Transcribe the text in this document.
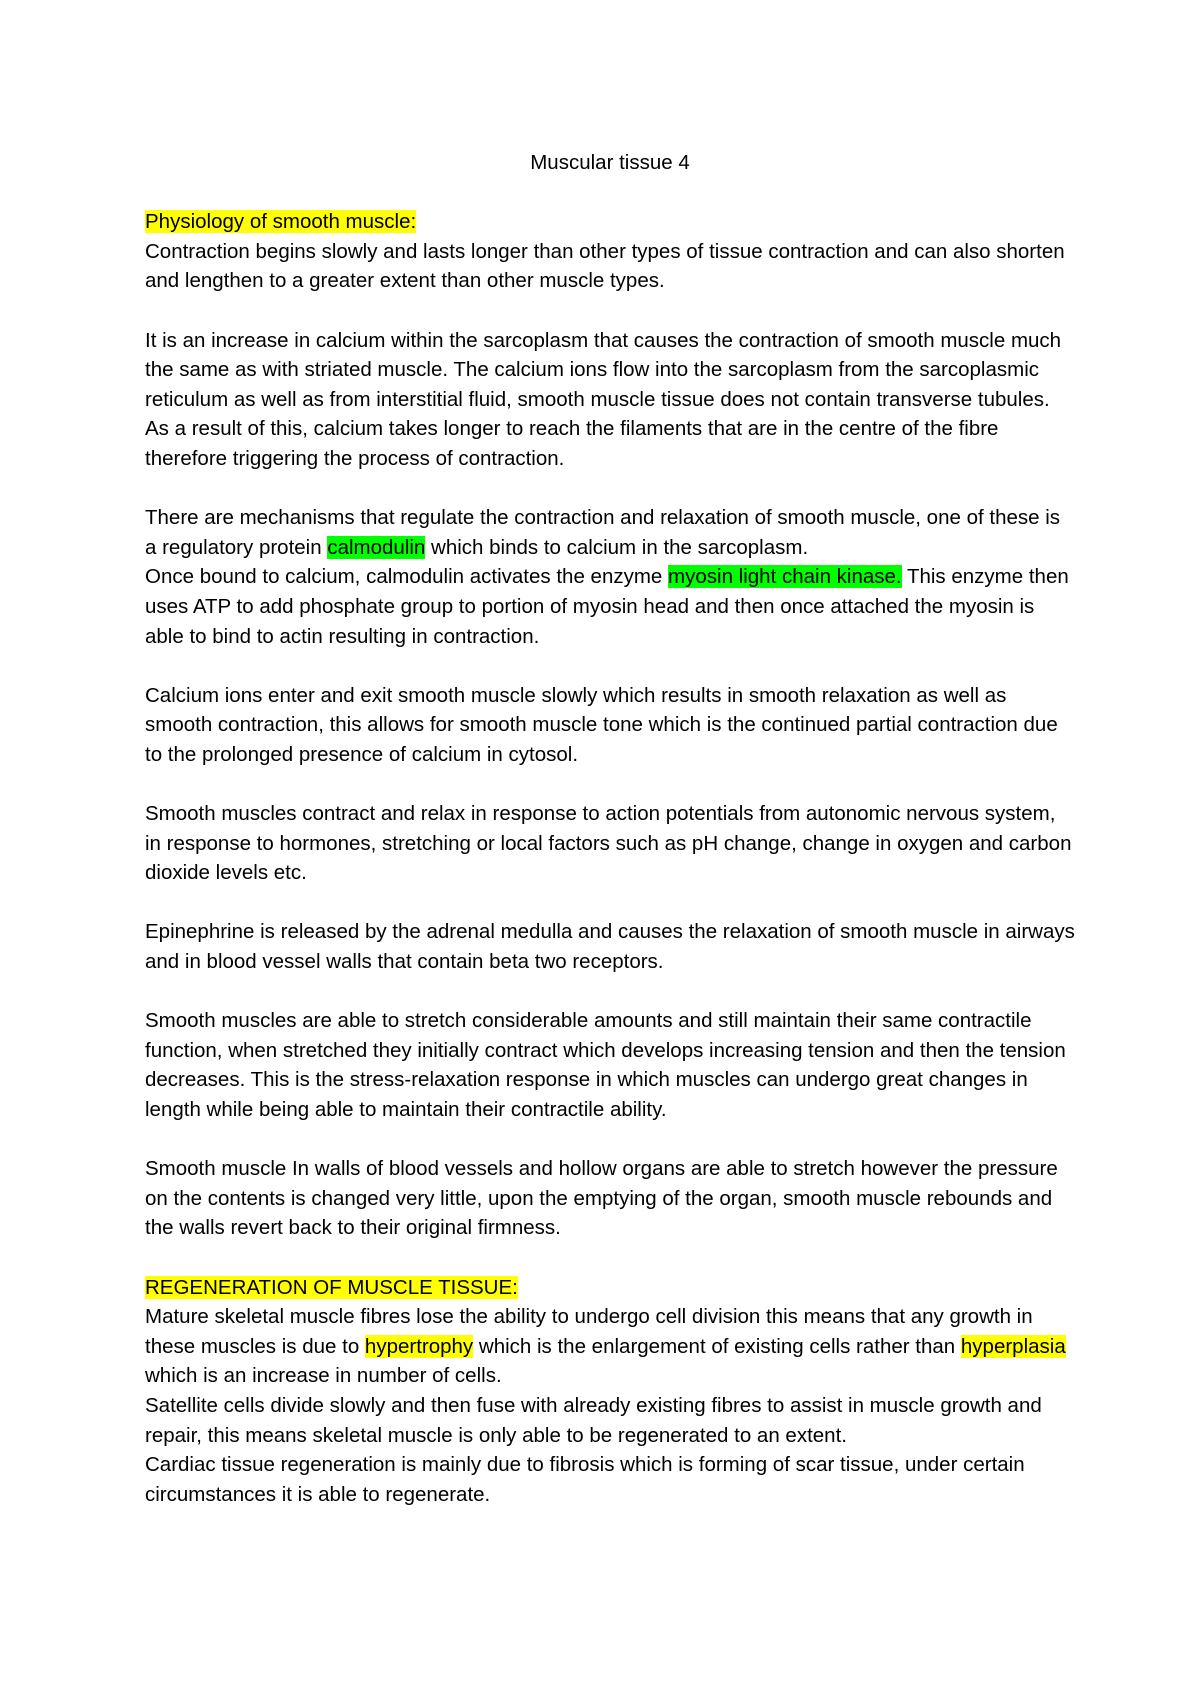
Muscular tissue 4
Physiology of smooth muscle:
Contraction begins slowly and lasts longer than other types of tissue contraction and can also shorten and lengthen to a greater extent than other muscle types.
It is an increase in calcium within the sarcoplasm that causes the contraction of smooth muscle much the same as with striated muscle. The calcium ions flow into the sarcoplasm from the sarcoplasmic reticulum as well as from interstitial fluid, smooth muscle tissue does not contain transverse tubules. As a result of this, calcium takes longer to reach the filaments that are in the centre of the fibre therefore triggering the process of contraction.
There are mechanisms that regulate the contraction and relaxation of smooth muscle, one of these is a regulatory protein calmodulin which binds to calcium in the sarcoplasm.
Once bound to calcium, calmodulin activates the enzyme myosin light chain kinase. This enzyme then uses ATP to add phosphate group to portion of myosin head and then once attached the myosin is able to bind to actin resulting in contraction.
Calcium ions enter and exit smooth muscle slowly which results in smooth relaxation as well as smooth contraction, this allows for smooth muscle tone which is the continued partial contraction due to the prolonged presence of calcium in cytosol.
Smooth muscles contract and relax in response to action potentials from autonomic nervous system, in response to hormones, stretching or local factors such as pH change, change in oxygen and carbon dioxide levels etc.
Epinephrine is released by the adrenal medulla and causes the relaxation of smooth muscle in airways and in blood vessel walls that contain beta two receptors.
Smooth muscles are able to stretch considerable amounts and still maintain their same contractile function, when stretched they initially contract which develops increasing tension and then the tension decreases. This is the stress-relaxation response in which muscles can undergo great changes in length while being able to maintain their contractile ability.
Smooth muscle In walls of blood vessels and hollow organs are able to stretch however the pressure on the contents is changed very little, upon the emptying of the organ, smooth muscle rebounds and the walls revert back to their original firmness.
REGENERATION OF MUSCLE TISSUE:
Mature skeletal muscle fibres lose the ability to undergo cell division this means that any growth in these muscles is due to hypertrophy which is the enlargement of existing cells rather than hyperplasia which is an increase in number of cells.
Satellite cells divide slowly and then fuse with already existing fibres to assist in muscle growth and repair, this means skeletal muscle is only able to be regenerated to an extent.
Cardiac tissue regeneration is mainly due to fibrosis which is forming of scar tissue, under certain circumstances it is able to regenerate.
